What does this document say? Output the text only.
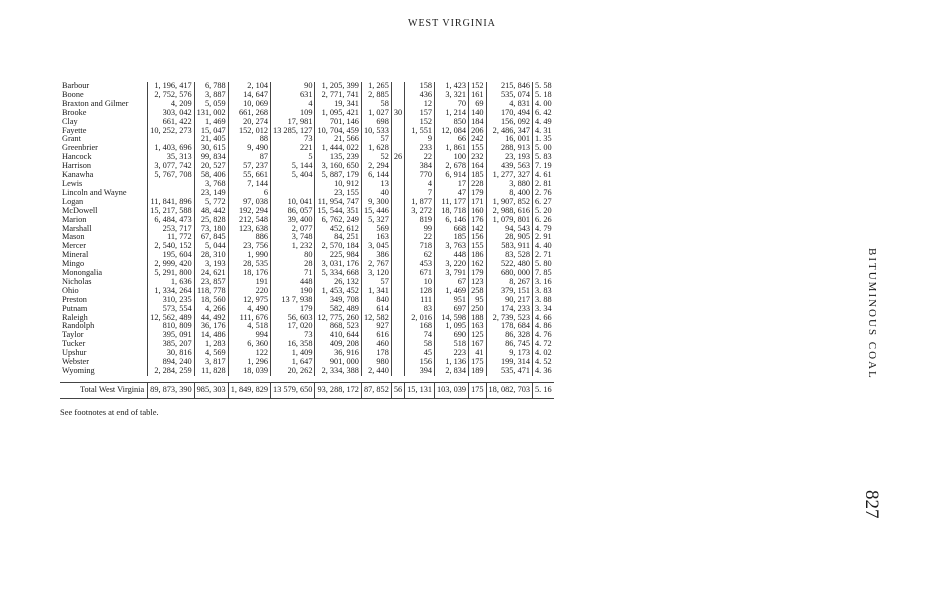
WEST VIRGINIA
BITUMINOUS COAL
827
Barbour	1, 196, 417	6, 788	2, 104	90	1, 205, 399	1, 265		158	1, 423	152	215, 846	5. 58
Boone	2, 752, 576	3, 887	14, 647	631	2, 771, 741	2, 885		436	3, 321	161	535, 074	5. 18
Braxton and Gilmer	4, 209	5, 059	10, 069	4	19, 341	58		12	70	69	4, 831	4. 00
Brooke	303, 042	131, 002	661, 268	109	1, 095, 421	1, 027	30	157	1, 214	140	170, 494	6. 42
Clay	661, 422	1, 469	20, 274	17, 981	701, 146	698		152	850	184	156, 092	4. 49
Fayette	10, 252, 273	15, 047	152, 012	13 285, 127	10, 704, 459	10, 533		1, 551	12, 084	206	2, 486, 347	4. 31
Grant		21, 405	88	73	21, 566	57		9	66	242	16, 001	1. 35
Greenbrier	1, 403, 696	30, 615	9, 490	221	1, 444, 022	1, 628		233	1, 861	155	288, 913	5. 00
Hancock	35, 313	99, 834	87	5	135, 239	52	26	22	100	232	23, 193	5. 83
Harrison	3, 077, 742	20, 527	57, 237	5, 144	3, 160, 650	2, 294		384	2, 678	164	439, 563	7. 19
Kanawha	5, 767, 708	58, 406	55, 661	5, 404	5, 887, 179	6, 144		770	6, 914	185	1, 277, 327	4. 61
Lewis		3, 768	7, 144		10, 912	13		4	17	228	3, 880	2. 81
Lincoln and Wayne		23, 149	6		23, 155	40		7	47	179	8, 400	2. 76
Logan	11, 841, 896	5, 772	97, 038	10, 041	11, 954, 747	9, 300		1, 877	11, 177	171	1, 907, 852	6. 27
McDowell	15, 217, 588	48, 442	192, 294	86, 057	15, 544, 351	15, 446		3, 272	18, 718	160	2, 988, 616	5. 20
Marion	6, 484, 473	25, 828	212, 548	39, 400	6, 762, 249	5, 327		819	6, 146	176	1, 079, 801	6. 26
Marshall	253, 717	73, 180	123, 638	2, 077	452, 612	569		99	668	142	94, 543	4. 79
Mason	11, 772	67, 845	886	3, 748	84, 251	163		22	185	156	28, 905	2. 91
Mercer	2, 540, 152	5, 044	23, 756	1, 232	2, 570, 184	3, 045		718	3, 763	155	583, 911	4. 40
Mineral	195, 604	28, 310	1, 990	80	225, 984	386		62	448	186	83, 528	2. 71
Mingo	2, 999, 420	3, 193	28, 535	28	3, 031, 176	2, 767		453	3, 220	162	522, 480	5. 80
Monongalia	5, 291, 800	24, 621	18, 176	71	5, 334, 668	3, 120		671	3, 791	179	680, 000	7. 85
Nicholas	1, 636	23, 857	191	448	26, 132	57		10	67	123	8, 267	3. 16
Ohio	1, 334, 264	118, 778	220	190	1, 453, 452	1, 341		128	1, 469	258	379, 151	3. 83
Preston	310, 235	18, 560	12, 975	13 7, 938	349, 708	840		111	951	95	90, 217	3. 88
Putnam	573, 554	4, 266	4, 490	179	582, 489	614		83	697	250	174, 233	3. 34
Raleigh	12, 562, 489	44, 492	111, 676	56, 603	12, 775, 260	12, 582		2, 016	14, 598	188	2, 739, 523	4. 66
Randolph	810, 809	36, 176	4, 518	17, 020	868, 523	927		168	1, 095	163	178, 684	4. 86
Taylor	395, 091	14, 486	994	73	410, 644	616		74	690	125	86, 328	4. 76
Tucker	385, 207	1, 283	6, 360	16, 358	409, 208	460		58	518	167	86, 745	4. 72
Upshur	30, 816	4, 569	122	1, 409	36, 916	178		45	223	41	9, 173	4. 02
Webster	894, 240	3, 817	1, 296	1, 647	901, 000	980		156	1, 136	175	199, 314	4. 52
Wyoming	2, 284, 259	11, 828	18, 039	20, 262	2, 334, 388	2, 440		394	2, 834	189	535, 471	4. 36

Total West Virginia	89, 873, 390	985, 303	1, 849, 829	13 579, 650	93, 288, 172	87, 852	56	15, 131	103, 039	175	18, 082, 703	5. 16
See footnotes at end of table.
